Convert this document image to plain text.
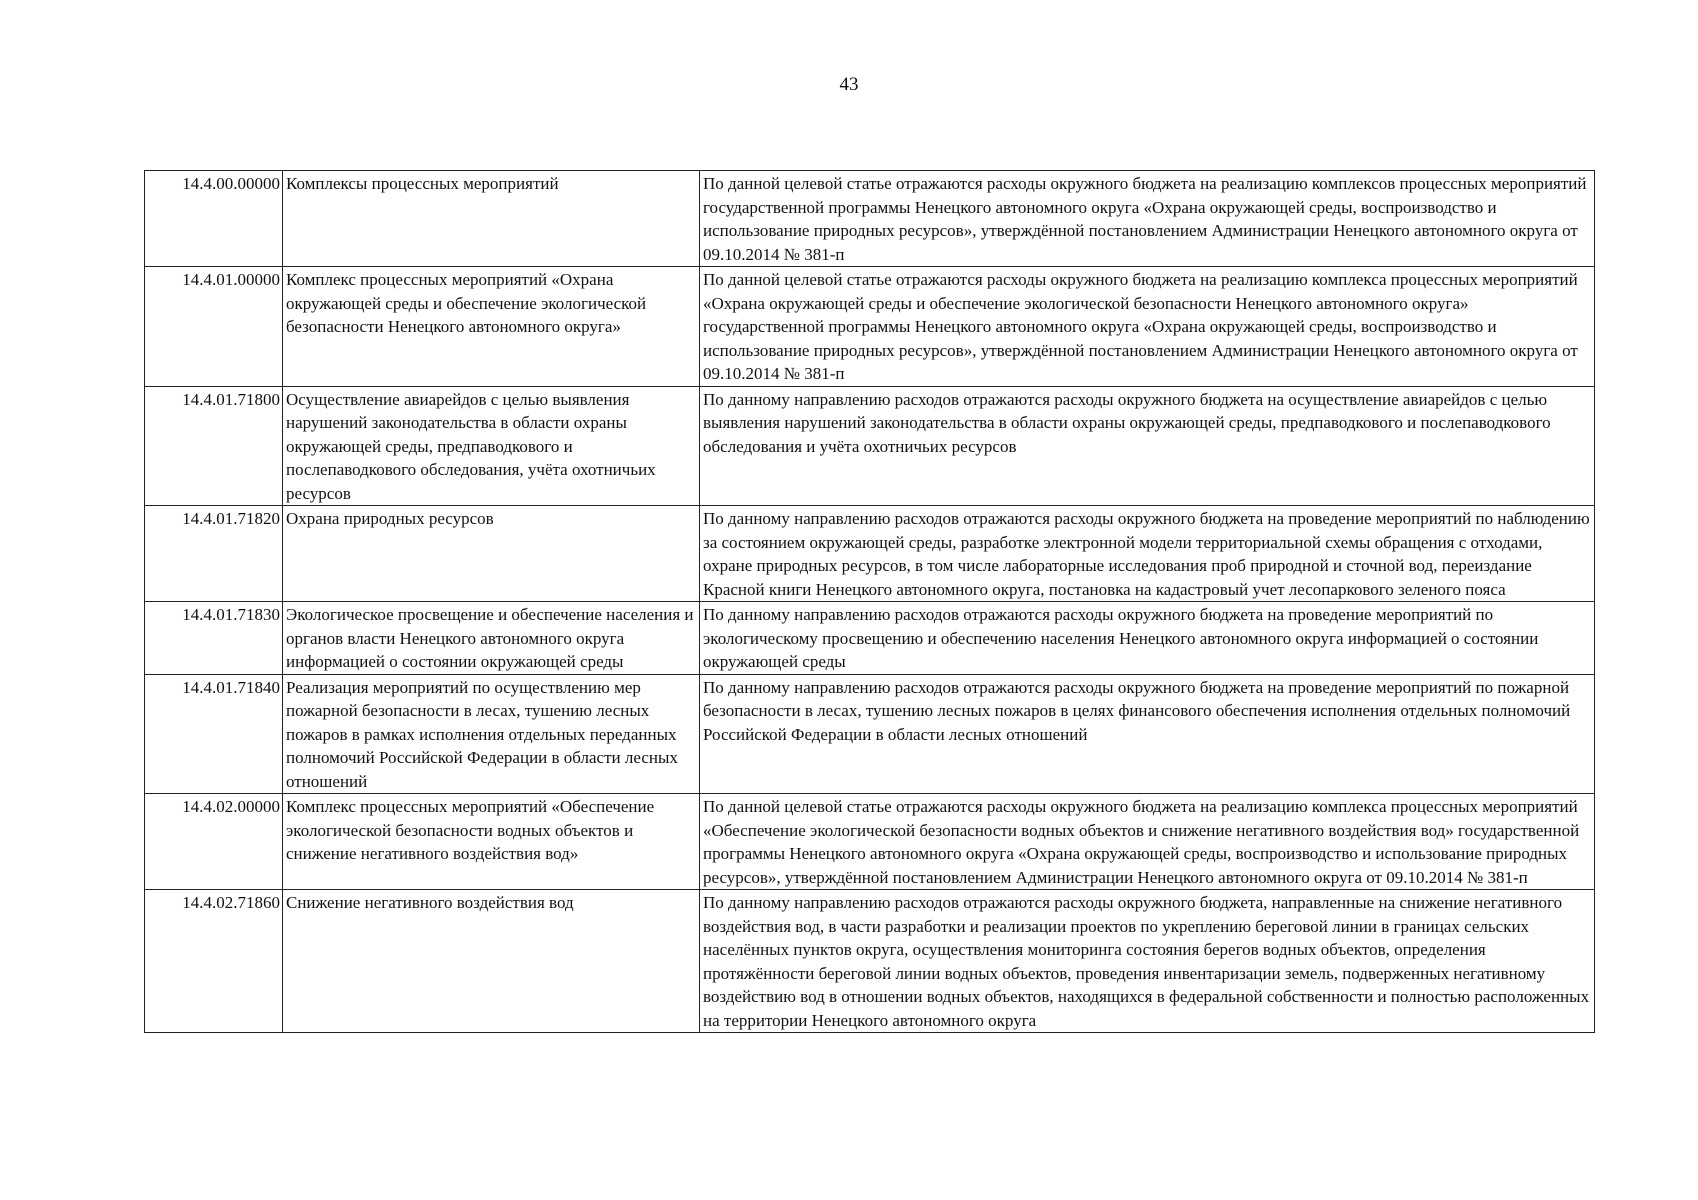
43
14.4.00.00000	Комплексы процессных мероприятий	По данной целевой статье отражаются расходы окружного бюджета на реализацию комплексов процессных мероприятий государственной программы Ненецкого автономного округа «Охрана окружающей среды, воспроизводство и использование природных ресурсов», утверждённой постановлением Администрации Ненецкого автономного округа от 09.10.2014 № 381-п
14.4.01.00000	Комплекс процессных мероприятий «Охрана окружающей среды и обеспечение экологической безопасности Ненецкого автономного округа»	По данной целевой статье отражаются расходы окружного бюджета на реализацию комплекса процессных мероприятий «Охрана окружающей среды и обеспечение экологической безопасности Ненецкого автономного округа» государственной программы Ненецкого автономного округа «Охрана окружающей среды, воспроизводство и использование природных ресурсов», утверждённой постановлением Администрации Ненецкого автономного округа от 09.10.2014 № 381-п
14.4.01.71800	Осуществление авиарейдов с целью выявления нарушений законодательства в области охраны окружающей среды, предпаводкового и послепаводкового обследования, учёта охотничьих ресурсов	По данному направлению расходов отражаются расходы окружного бюджета на осуществление авиарейдов с целью выявления нарушений законодательства в области охраны окружающей среды, предпаводкового и послепаводкового обследования и учёта охотничьих ресурсов
14.4.01.71820	Охрана природных ресурсов	По данному направлению расходов отражаются расходы окружного бюджета на проведение мероприятий по наблюдению за состоянием окружающей среды, разработке электронной модели территориальной схемы обращения с отходами, охране природных ресурсов, в том числе лабораторные исследования проб природной и сточной вод, переиздание Красной книги Ненецкого автономного округа, постановка на кадастровый учет лесопаркового зеленого пояса
14.4.01.71830	Экологическое просвещение и обеспечение населения и органов власти Ненецкого автономного округа информацией о состоянии окружающей среды	По данному направлению расходов отражаются расходы окружного бюджета на проведение мероприятий по экологическому просвещению и обеспечению населения Ненецкого автономного округа информацией о состоянии окружающей среды
14.4.01.71840	Реализация мероприятий по осуществлению мер пожарной безопасности в лесах, тушению лесных пожаров в рамках исполнения отдельных переданных полномочий Российской Федерации в области лесных отношений	По данному направлению расходов отражаются расходы окружного бюджета на проведение мероприятий по пожарной безопасности в лесах, тушению лесных пожаров в целях финансового обеспечения исполнения отдельных полномочий Российской Федерации в области лесных отношений
14.4.02.00000	Комплекс процессных мероприятий «Обеспечение экологической безопасности водных объектов и снижение негативного воздействия вод»	По данной целевой статье отражаются расходы окружного бюджета на реализацию комплекса процессных мероприятий «Обеспечение экологической безопасности водных объектов и снижение негативного воздействия вод» государственной программы Ненецкого автономного округа «Охрана окружающей среды, воспроизводство и использование природных ресурсов», утверждённой постановлением Администрации Ненецкого автономного округа от 09.10.2014 № 381-п
14.4.02.71860	Снижение негативного воздействия вод	По данному направлению расходов отражаются расходы окружного бюджета, направленные на снижение негативного воздействия вод, в части разработки и реализации проектов по укреплению береговой линии в границах сельских населённых пунктов округа, осуществления мониторинга состояния берегов водных объектов, определения протяжённости береговой линии водных объектов, проведения инвентаризации земель, подверженных негативному воздействию вод в отношении водных объектов, находящихся в федеральной собственности и полностью расположенных на территории Ненецкого автономного округа
